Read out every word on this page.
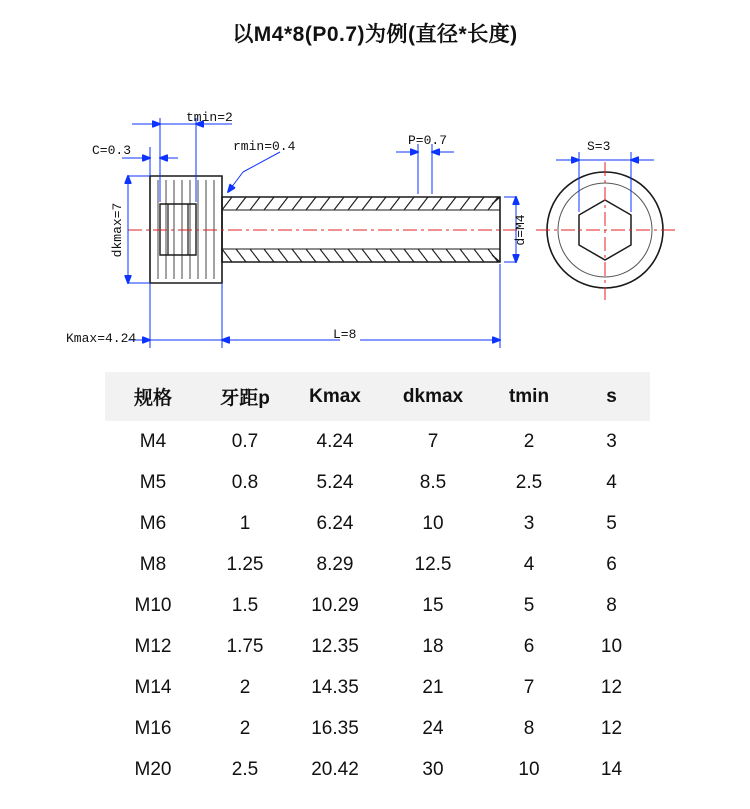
以M4*8(P0.7)为例(直径*长度)
tmin=2
C=0.3	rmin=0.4	P=0.7	S=3
dkmax=7	d=M4
Kmax=4.24	L=8
规格	牙距p	Kmax	dkmax	tmin	s
M4	0.7	4.24	7	2	3
M5	0.8	5.24	8.5	2.5	4
M6	1	6.24	10	3	5
M8	1.25	8.29	12.5	4	6
M10	1.5	10.29	15	5	8
M12	1.75	12.35	18	6	10
M14	2	14.35	21	7	12
M16	2	16.35	24	8	12
M20	2.5	20.42	30	10	14
